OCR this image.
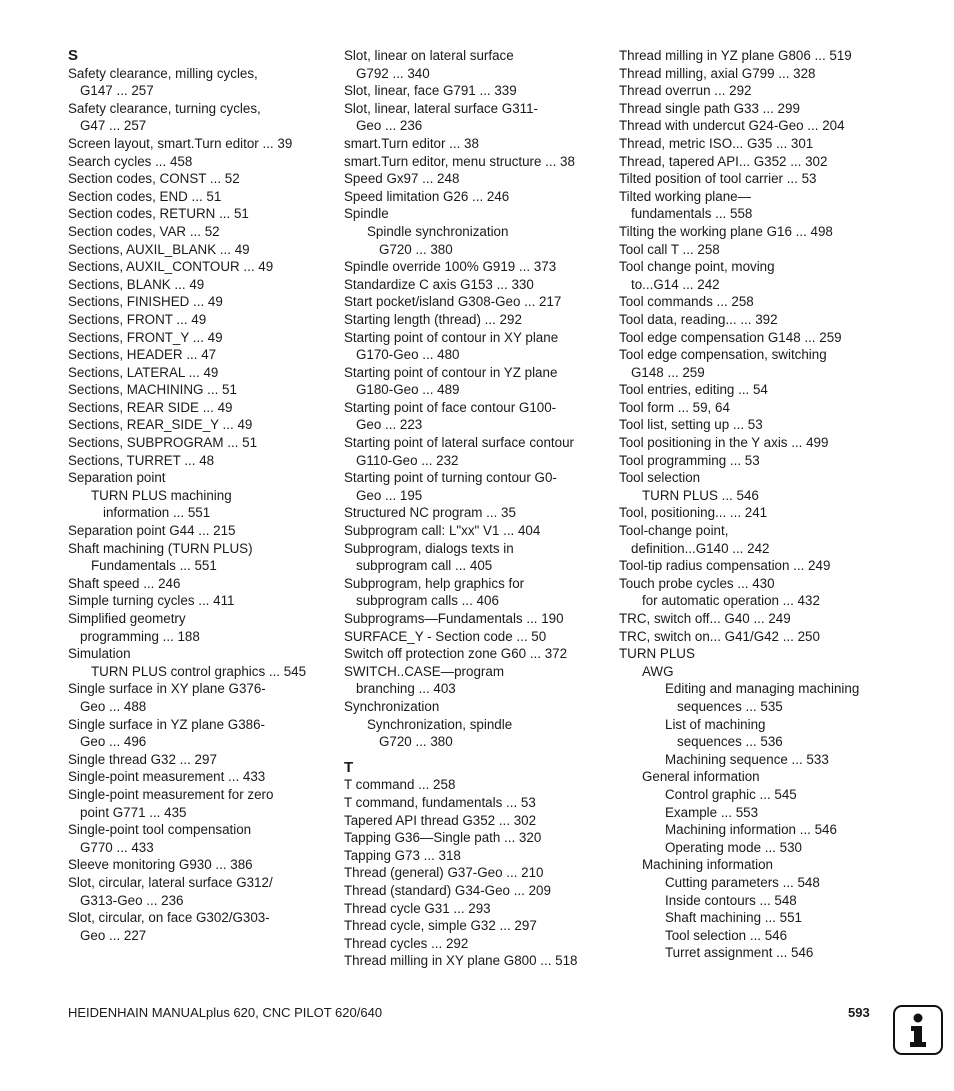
S
Safety clearance, milling cycles,
G147 ... 257
Safety clearance, turning cycles,
G47 ... 257
Screen layout, smart.Turn editor ... 39
Search cycles ... 458
Section codes, CONST ... 52
Section codes, END ... 51
Section codes, RETURN ... 51
Section codes, VAR ... 52
Sections, AUXIL_BLANK ... 49
Sections, AUXIL_CONTOUR ... 49
Sections, BLANK ... 49
Sections, FINISHED ... 49
Sections, FRONT ... 49
Sections, FRONT_Y ... 49
Sections, HEADER ... 47
Sections, LATERAL ... 49
Sections, MACHINING ... 51
Sections, REAR SIDE ... 49
Sections, REAR_SIDE_Y ... 49
Sections, SUBPROGRAM ... 51
Sections, TURRET ... 48
Separation point
TURN PLUS machining
information ... 551
Separation point G44 ... 215
Shaft machining (TURN PLUS)
Fundamentals ... 551
Shaft speed ... 246
Simple turning cycles ... 411
Simplified geometry
programming ... 188
Simulation
TURN PLUS control graphics ... 545
Single surface in XY plane G376-
Geo ... 488
Single surface in YZ plane G386-
Geo ... 496
Single thread G32 ... 297
Single-point measurement ... 433
Single-point measurement for zero
point G771 ... 435
Single-point tool compensation
G770 ... 433
Sleeve monitoring G930 ... 386
Slot, circular, lateral surface G312/
G313-Geo ... 236
Slot, circular, on face G302/G303-
Geo ... 227
Slot, linear on lateral surface
G792 ... 340
Slot, linear, face G791 ... 339
Slot, linear, lateral surface G311-
Geo ... 236
smart.Turn editor ... 38
smart.Turn editor, menu structure ... 38
Speed Gx97 ... 248
Speed limitation G26 ... 246
Spindle
Spindle synchronization
G720 ... 380
Spindle override 100% G919 ... 373
Standardize C axis G153 ... 330
Start pocket/island G308-Geo ... 217
Starting length (thread) ... 292
Starting point of contour in XY plane
G170-Geo ... 480
Starting point of contour in YZ plane
G180-Geo ... 489
Starting point of face contour G100-
Geo ... 223
Starting point of lateral surface contour
G110-Geo ... 232
Starting point of turning contour G0-
Geo ... 195
Structured NC program ... 35
Subprogram call: L"xx" V1 ... 404
Subprogram, dialogs texts in
subprogram call ... 405
Subprogram, help graphics for
subprogram calls ... 406
Subprograms—Fundamentals ... 190
SURFACE_Y - Section code ... 50
Switch off protection zone G60 ... 372
SWITCH..CASE—program
branching ... 403
Synchronization
Synchronization, spindle
G720 ... 380
T
T command ... 258
T command, fundamentals ... 53
Tapered API thread G352 ... 302
Tapping G36—Single path ... 320
Tapping G73 ... 318
Thread (general) G37-Geo ... 210
Thread (standard) G34-Geo ... 209
Thread cycle G31 ... 293
Thread cycle, simple G32 ... 297
Thread cycles ... 292
Thread milling in XY plane G800 ... 518
Thread milling in YZ plane G806 ... 519
Thread milling, axial G799 ... 328
Thread overrun ... 292
Thread single path G33 ... 299
Thread with undercut G24-Geo ... 204
Thread, metric ISO... G35 ... 301
Thread, tapered API... G352 ... 302
Tilted position of tool carrier ... 53
Tilted working plane—
fundamentals ... 558
Tilting the working plane G16 ... 498
Tool call T ... 258
Tool change point, moving
to...G14 ... 242
Tool commands ... 258
Tool data, reading... ... 392
Tool edge compensation G148 ... 259
Tool edge compensation, switching
G148 ... 259
Tool entries, editing ... 54
Tool form ... 59, 64
Tool list, setting up ... 53
Tool positioning in the Y axis ... 499
Tool programming ... 53
Tool selection
TURN PLUS ... 546
Tool, positioning... ... 241
Tool-change point,
definition...G140 ... 242
Tool-tip radius compensation ... 249
Touch probe cycles ... 430
for automatic operation ... 432
TRC, switch off... G40 ... 249
TRC, switch on... G41/G42 ... 250
TURN PLUS
AWG
Editing and managing machining
sequences ... 535
List of machining
sequences ... 536
Machining sequence ... 533
General information
Control graphic ... 545
Example ... 553
Machining information ... 546
Operating mode ... 530
Machining information
Cutting parameters ... 548
Inside contours ... 548
Shaft machining ... 551
Tool selection ... 546
Turret assignment ... 546
HEIDENHAIN MANUALplus 620, CNC PILOT 620/640	593
